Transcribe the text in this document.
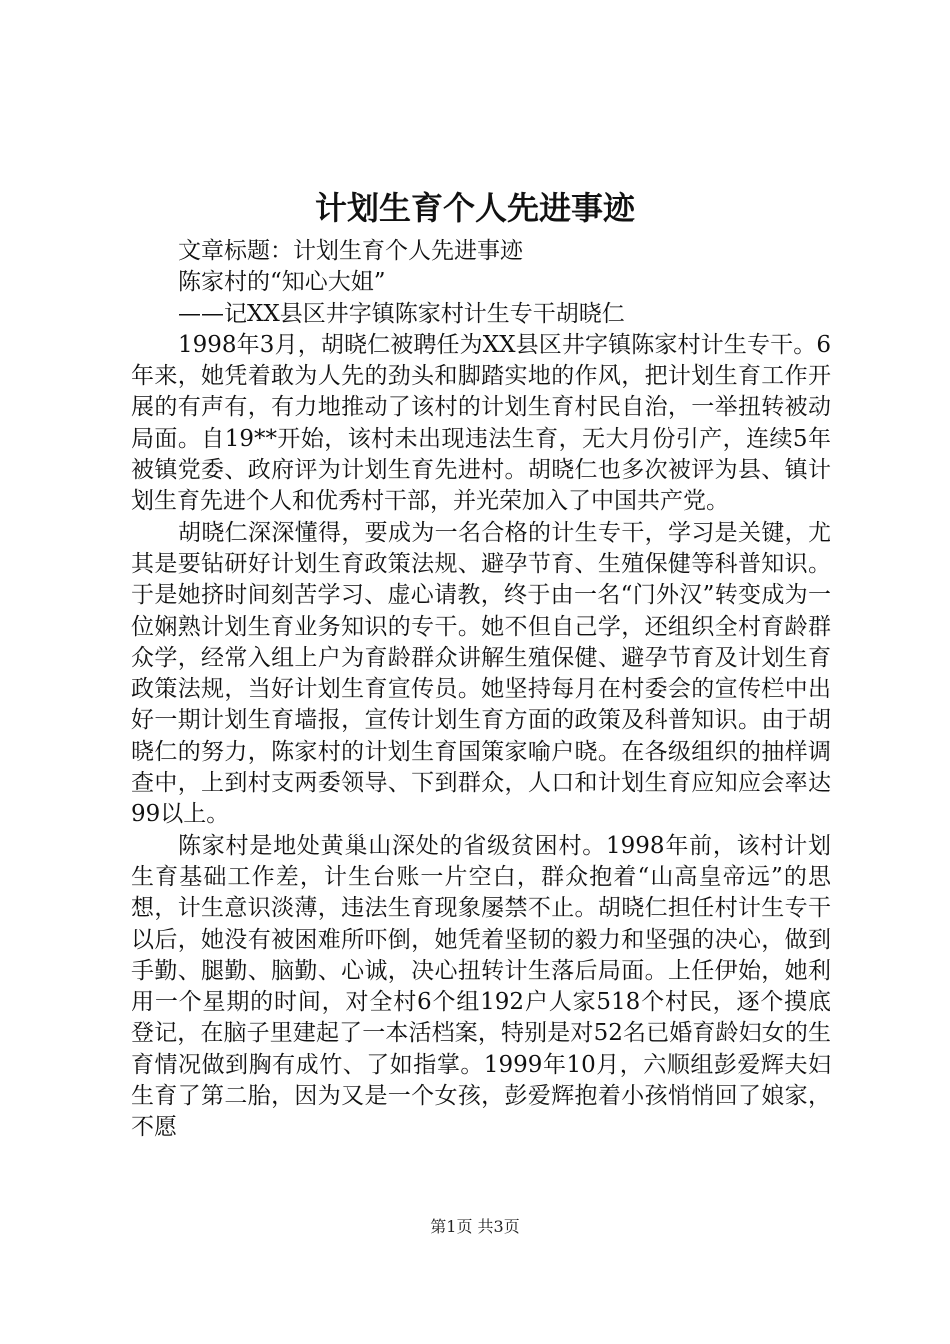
计划生育个人先进事迹

文章标题：计划生育个人先进事迹

陈家村的“知心大姐”

——记XX县区井字镇陈家村计生专干胡晓仁

1998年3月，胡晓仁被聘任为XX县区井字镇陈家村计生专干。6年来，她凭着敢为人先的劲头和脚踏实地的作风，把计划生育工作开展的有声有，有力地推动了该村的计划生育村民自治，一举扭转被动局面。自19**开始，该村未出现违法生育，无大月份引产，连续5年被镇党委、政府评为计划生育先进村。胡晓仁也多次被评为县、镇计划生育先进个人和优秀村干部，并光荣加入了中国共产党。

胡晓仁深深懂得，要成为一名合格的计生专干，学习是关键，尤其是要钻研好计划生育政策法规、避孕节育、生殖保健等科普知识。于是她挤时间刻苦学习、虚心请教，终于由一名“门外汉”转变成为一位娴熟计划生育业务知识的专干。她不但自己学，还组织全村育龄群众学，经常入组上户为育龄群众讲解生殖保健、避孕节育及计划生育政策法规，当好计划生育宣传员。她坚持每月在村委会的宣传栏中出好一期计划生育墙报，宣传计划生育方面的政策及科普知识。由于胡晓仁的努力，陈家村的计划生育国策家喻户晓。在各级组织的抽样调查中，上到村支两委领导、下到群众，人口和计划生育应知应会率达99以上。

陈家村是地处黄巢山深处的省级贫困村。1998年前，该村计划生育基础工作差，计生台账一片空白，群众抱着“山高皇帝远”的思想，计生意识淡薄，违法生育现象屡禁不止。胡晓仁担任村计生专干以后，她没有被困难所吓倒，她凭着坚韧的毅力和坚强的决心，做到手勤、腿勤、脑勤、心诚，决心扭转计生落后局面。上任伊始，她利用一个星期的时间，对全村6个组192户人家518个村民，逐个摸底登记，在脑子里建起了一本活档案，特别是对52名已婚育龄妇女的生育情况做到胸有成竹、了如指掌。1999年10月，六顺组彭爱辉夫妇生育了第二胎，因为又是一个女孩，彭爱辉抱着小孩悄悄回了娘家，不愿

第1页 共3页
